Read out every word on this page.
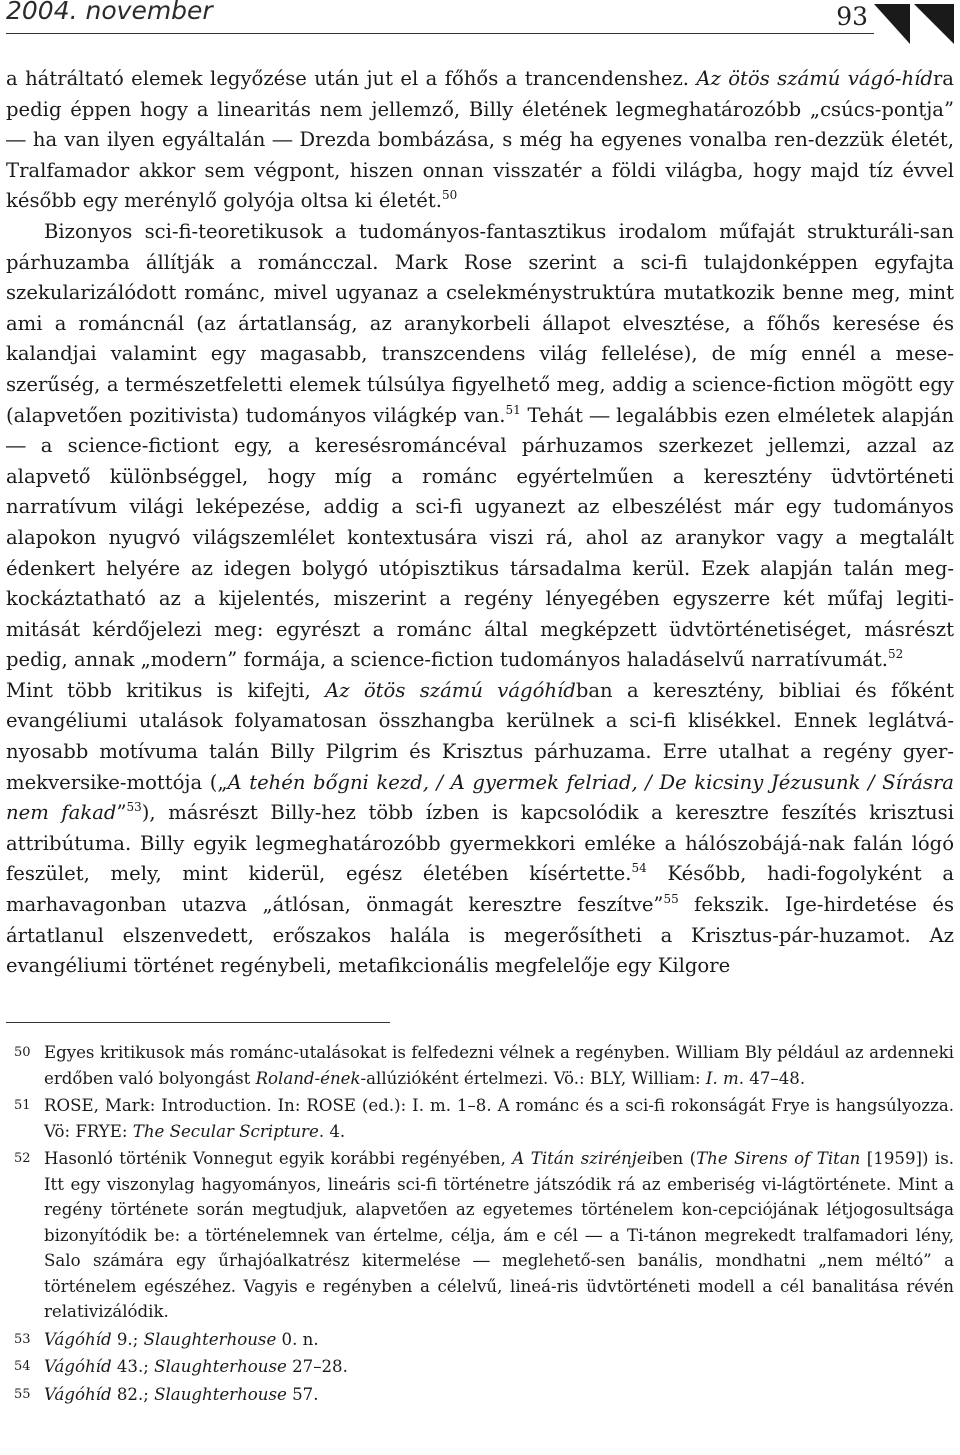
2004. november	93

a hátráltató elemek legyőzése után jut el a főhős a trancendenshez. Az ötös számú vágó-hídra pedig éppen hogy a linearitás nem jellemző, Billy életének legmeghatározóbb „csúcs-pontja” ― ha van ilyen egyáltalán ― Drezda bombázása, s még ha egyenes vonalba ren-dezzük életét, Tralfamador akkor sem végpont, hiszen onnan visszatér a földi világba, hogy majd tíz évvel később egy merénylő golyója oltsa ki életét.$^{50}$

Bizonyos sci-fi-teoretikusok a tudományos-fantasztikus irodalom műfaját strukturáli-san párhuzamba állítják a románcczal. Mark Rose szerint a sci-fi tulajdonképpen egyfajta szekularizálódott románc, mivel ugyanaz a cselekménystruktúra mutatkozik benne meg, mint ami a románcnál (az ártatlanság, az aranykorbeli állapot elvesztése, a főhős keresése és kalandjai valamint egy magasabb, transzcendens világ fellelése), de míg ennél a mese-szerűség, a természetfeletti elemek túlsúlya figyelhető meg, addig a science-fiction mögött egy (alapvetően pozitivista) tudományos világkép van.$^{51}$ Tehát ― legalábbis ezen elméletek alapján ― a science-fictiont egy, a keresésrománcéval párhuzamos szerkezet jellemzi, azzal az alapvető különbséggel, hogy míg a románc egyértelműen a keresztény üdvtörténeti narratívum világi leképezése, addig a sci-fi ugyanezt az elbeszélést már egy tudományos alapokon nyugvó világszemlélet kontextusára viszi rá, ahol az aranykor vagy a megtalált édenkert helyére az idegen bolygó utópisztikus társadalma kerül. Ezek alapján talán meg-kockáztatható az a kijelentés, miszerint a regény lényegében egyszerre két műfaj legiti-mitását kérdőjelezi meg: egyrészt a románc által megképzett üdvtörténetiséget, másrészt pedig, annak „modern” formája, a science-fiction tudományos haladáselvű narratívumát.$^{52}$

Mint több kritikus is kifejti, Az ötös számú vágóhídban a keresztény, bibliai és főként evangéliumi utalások folyamatosan összhangba kerülnek a sci-fi klisékkel. Ennek leglátvá-nyosabb motívuma talán Billy Pilgrim és Krisztus párhuzama. Erre utalhat a regény gyer-mekversike-mottója („A tehén bőgni kezd, / A gyermek felriad, / De kicsiny Jézusunk / Sírásra nem fakad”$^{53}$), másrészt Billy-hez több ízben is kapcsolódik a keresztre feszítés krisztusi attribútuma. Billy egyik legmeghatározóbb gyermekkori emléke a hálószobájá-nak falán lógó feszület, mely, mint kiderül, egész életében kísértette.$^{54}$ Később, hadi-fogolyként a marhavagonban utazva „átlósan, önmagát keresztre feszítve”$^{55}$ fekszik. Ige-hirdetése és ártatlanul elszenvedett, erőszakos halála is megerősítheti a Krisztus-pár-huzamot. Az evangéliumi történet regénybeli, metafikcionális megfelelője egy Kilgore

50 Egyes kritikusok más románc-utalásokat is felfedezni vélnek a regényben. William Bly például az ardenneki erdőben való bolyongást Roland-ének-allúzióként értelmezi. Vö.: BLY, William: I. m. 47–48.
51 ROSE, Mark: Introduction. In: ROSE (ed.): I. m. 1–8. A románc és a sci-fi rokonságát Frye is hangsúlyozza. Vö: FRYE: The Secular Scripture. 4.
52 Hasonló történik Vonnegut egyik korábbi regényében, A Titán szirénjeiben (The Sirens of Titan [1959]) is. Itt egy viszonylag hagyományos, lineáris sci-fi történetre játszódik rá az emberiség vi-lágtörténete. Mint a regény története során megtudjuk, alapvetően az egyetemes történelem kon-cepciójának létjogosultsága bizonyítódik be: a történelemnek van értelme, célja, ám e cél ― a Ti-tánon megrekedt tralfamadori lény, Salo számára egy űrhajóalkatrész kitermelése ― meglehető-sen banális, mondhatni „nem méltó” a történelem egészéhez. Vagyis e regényben a célelvű, lineá-ris üdvtörténeti modell a cél banalitása révén relativizálódik.
53 Vágóhíd 9.; Slaughterhouse 0. n.
54 Vágóhíd 43.; Slaughterhouse 27–28.
55 Vágóhíd 82.; Slaughterhouse 57.
